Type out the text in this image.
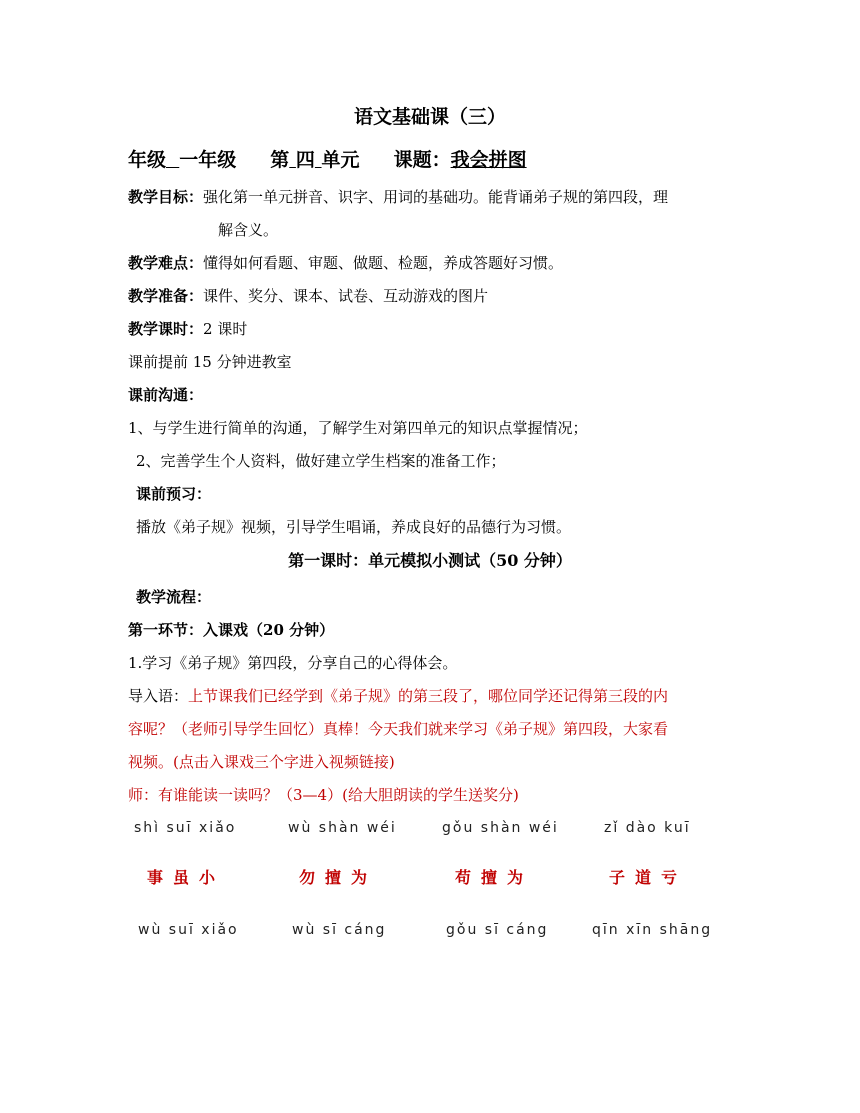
语文基础课（三）
年级 一年级 第 四 单元 课题：我会拼图
教学目标：强化第一单元拼音、识字、用词的基础功。能背诵弟子规的第四段，理
解含义。
教学难点：懂得如何看题、审题、做题、检题，养成答题好习惯。
教学准备：课件、奖分、课本、试卷、互动游戏的图片
教学课时：2 课时
课前提前 15 分钟进教室
课前沟通：
1、与学生进行简单的沟通，了解学生对第四单元的知识点掌握情况；
2、完善学生个人资料，做好建立学生档案的准备工作；
课前预习：
播放《弟子规》视频，引导学生唱诵，养成良好的品德行为习惯。
第一课时：单元模拟小测试（50 分钟）
教学流程：
第一环节：入课戏（20 分钟）
1.学习《弟子规》第四段，分享自己的心得体会。
导入语：上节课我们已经学到《弟子规》的第三段了，哪位同学还记得第三段的内
容呢？（老师引导学生回忆）真棒！今天我们就来学习《弟子规》第四段，大家看
视频。(点击入课戏三个字进入视频链接)
师：有谁能读一读吗？（3—4）(给大胆朗读的学生送奖分)
shì suī xiǎo	wù shàn wéi	gǒu shàn wéi	zǐ dào kuī
事虽小	勿擅为	苟擅为	子道亏
wù suī xiǎo	wù sī cáng	gǒu sī cáng	qīn xīn shāng
